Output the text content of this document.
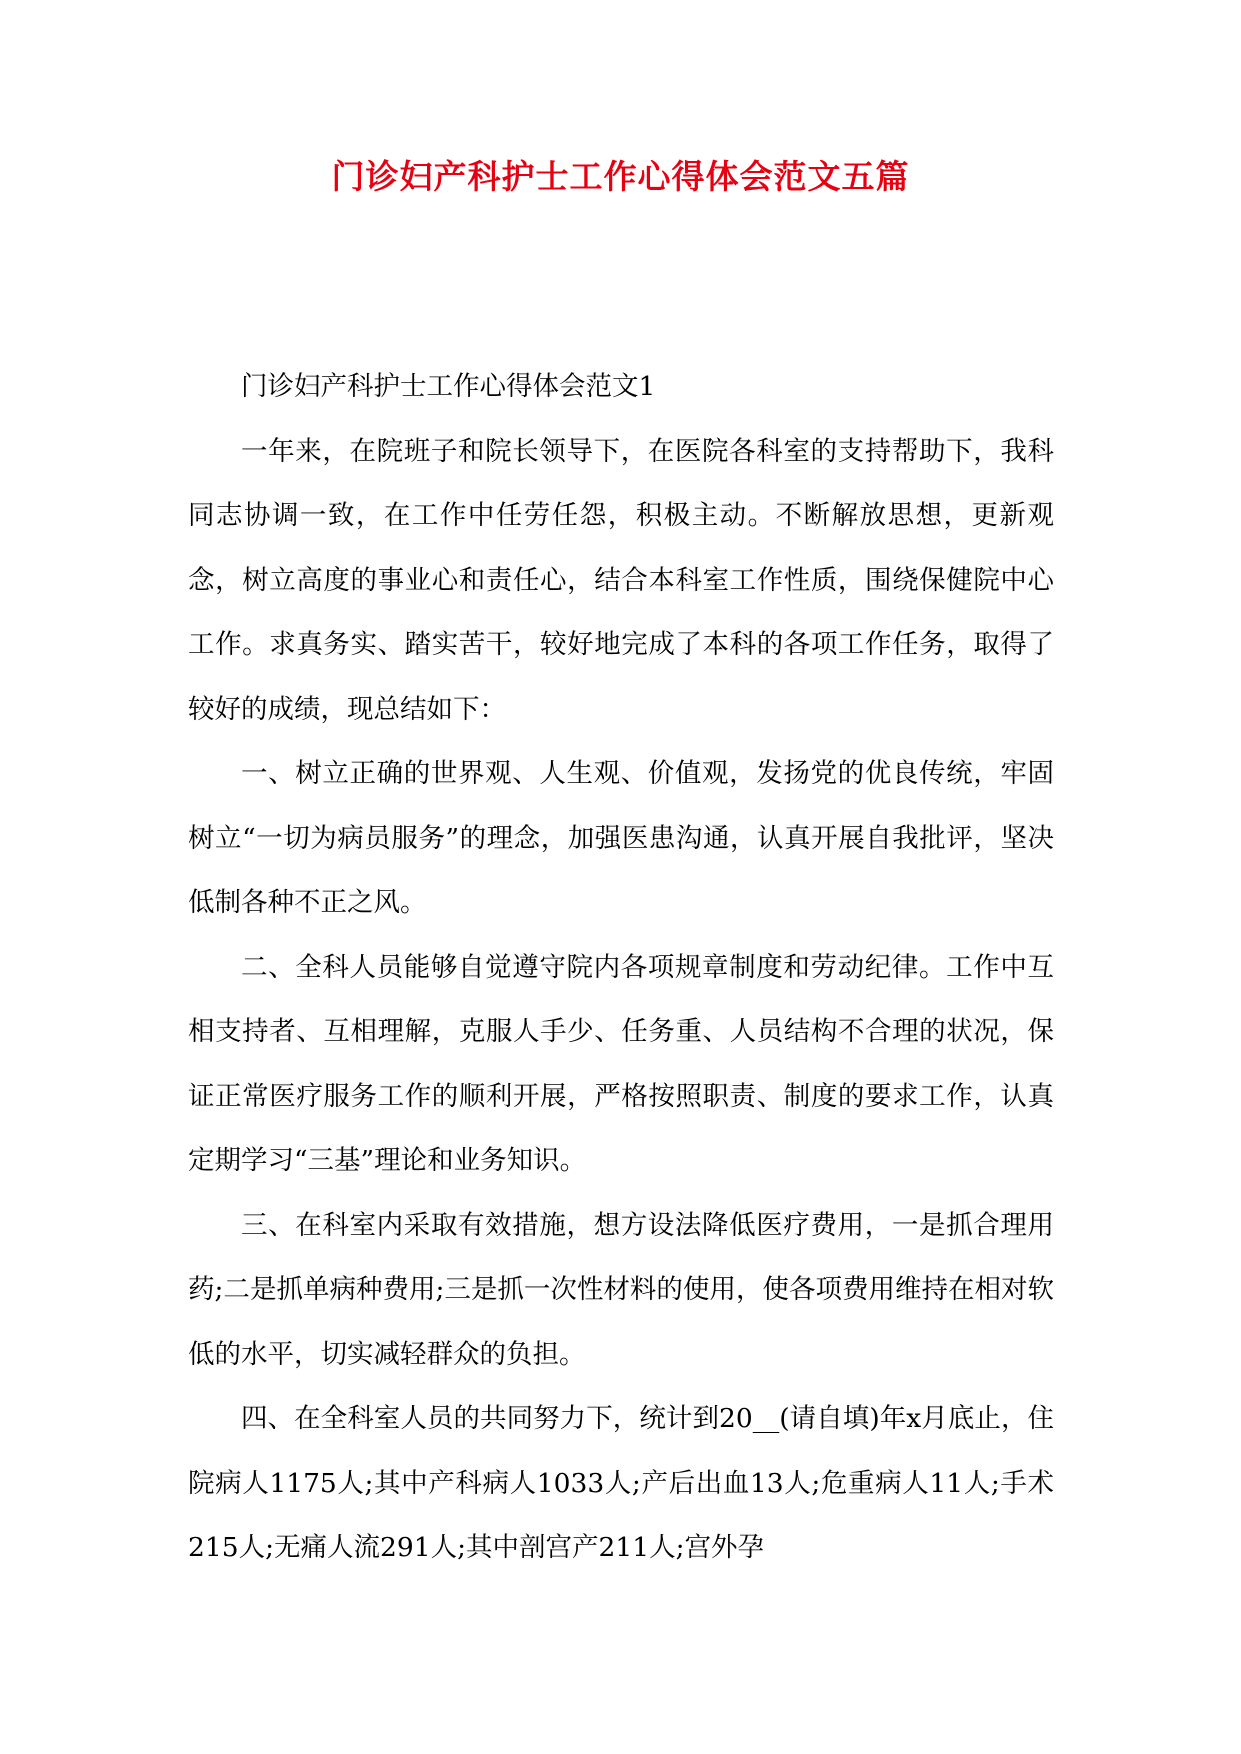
门诊妇产科护士工作心得体会范文五篇

门诊妇产科护士工作心得体会范文1

一年来，在院班子和院长领导下，在医院各科室的支持帮助下，我科同志协调一致，在工作中任劳任怨，积极主动。不断解放思想，更新观念，树立高度的事业心和责任心，结合本科室工作性质，围绕保健院中心工作。求真务实、踏实苦干，较好地完成了本科的各项工作任务，取得了较好的成绩，现总结如下：

一、树立正确的世界观、人生观、价值观，发扬党的优良传统，牢固树立“一切为病员服务”的理念，加强医患沟通，认真开展自我批评，坚决低制各种不正之风。

二、全科人员能够自觉遵守院内各项规章制度和劳动纪律。工作中互相支持者、互相理解，克服人手少、任务重、人员结构不合理的状况，保证正常医疗服务工作的顺利开展，严格按照职责、制度的要求工作，认真定期学习“三基”理论和业务知识。

三、在科室内采取有效措施，想方设法降低医疗费用，一是抓合理用药;二是抓单病种费用;三是抓一次性材料的使用，使各项费用维持在相对软低的水平，切实减轻群众的负担。

四、在全科室人员的共同努力下，统计到20__(请自填)年x月底止，住院病人1175人;其中产科病人1033人;产后出血13人;危重病人11人;手术215人;无痛人流291人;其中剖宫产211人;宫外孕
